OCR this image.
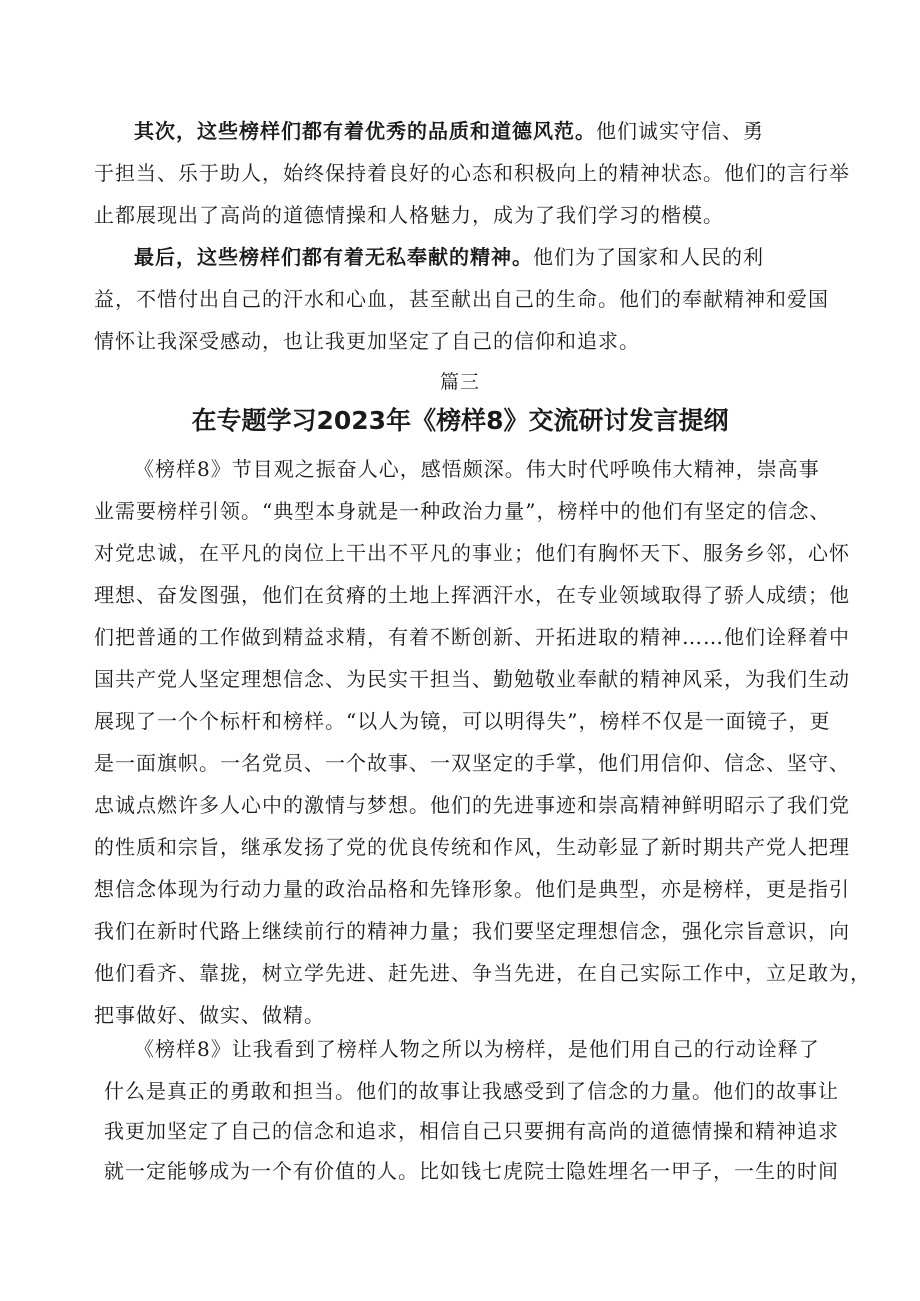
其次，这些榜样们都有着优秀的品质和道德风范。他们诚实守信、勇
于担当、乐于助人，始终保持着良好的心态和积极向上的精神状态。他们的言行举
止都展现出了高尚的道德情操和人格魅力，成为了我们学习的楷模。
最后，这些榜样们都有着无私奉献的精神。他们为了国家和人民的利
益，不惜付出自己的汗水和心血，甚至献出自己的生命。他们的奉献精神和爱国
情怀让我深受感动，也让我更加坚定了自己的信仰和追求。
篇三
在专题学习2023年《榜样8》交流研讨发言提纲
《榜样8》节目观之振奋人心，感悟颇深。伟大时代呼唤伟大精神，崇高事
业需要榜样引领。“典型本身就是一种政治力量”，榜样中的他们有坚定的信念、
对党忠诚，在平凡的岗位上干出不平凡的事业；他们有胸怀天下、服务乡邻，心怀
理想、奋发图强，他们在贫瘠的土地上挥洒汗水，在专业领域取得了骄人成绩；他
们把普通的工作做到精益求精，有着不断创新、开拓进取的精神……他们诠释着中
国共产党人坚定理想信念、为民实干担当、勤勉敬业奉献的精神风采，为我们生动
展现了一个个标杆和榜样。“以人为镜，可以明得失”，榜样不仅是一面镜子，更
是一面旗帜。一名党员、一个故事、一双坚定的手掌，他们用信仰、信念、坚守、
忠诚点燃许多人心中的激情与梦想。他们的先进事迹和崇高精神鲜明昭示了我们党
的性质和宗旨，继承发扬了党的优良传统和作风，生动彰显了新时期共产党人把理
想信念体现为行动力量的政治品格和先锋形象。他们是典型，亦是榜样，更是指引
我们在新时代路上继续前行的精神力量；我们要坚定理想信念，强化宗旨意识，向
他们看齐、靠拢，树立学先进、赶先进、争当先进，在自己实际工作中，立足敢为，
把事做好、做实、做精。
《榜样8》让我看到了榜样人物之所以为榜样，是他们用自己的行动诠释了
什么是真正的勇敢和担当。他们的故事让我感受到了信念的力量。他们的故事让
我更加坚定了自己的信念和追求，相信自己只要拥有高尚的道德情操和精神追求
就一定能够成为一个有价值的人。比如钱七虎院士隐姓埋名一甲子，一生的时间
